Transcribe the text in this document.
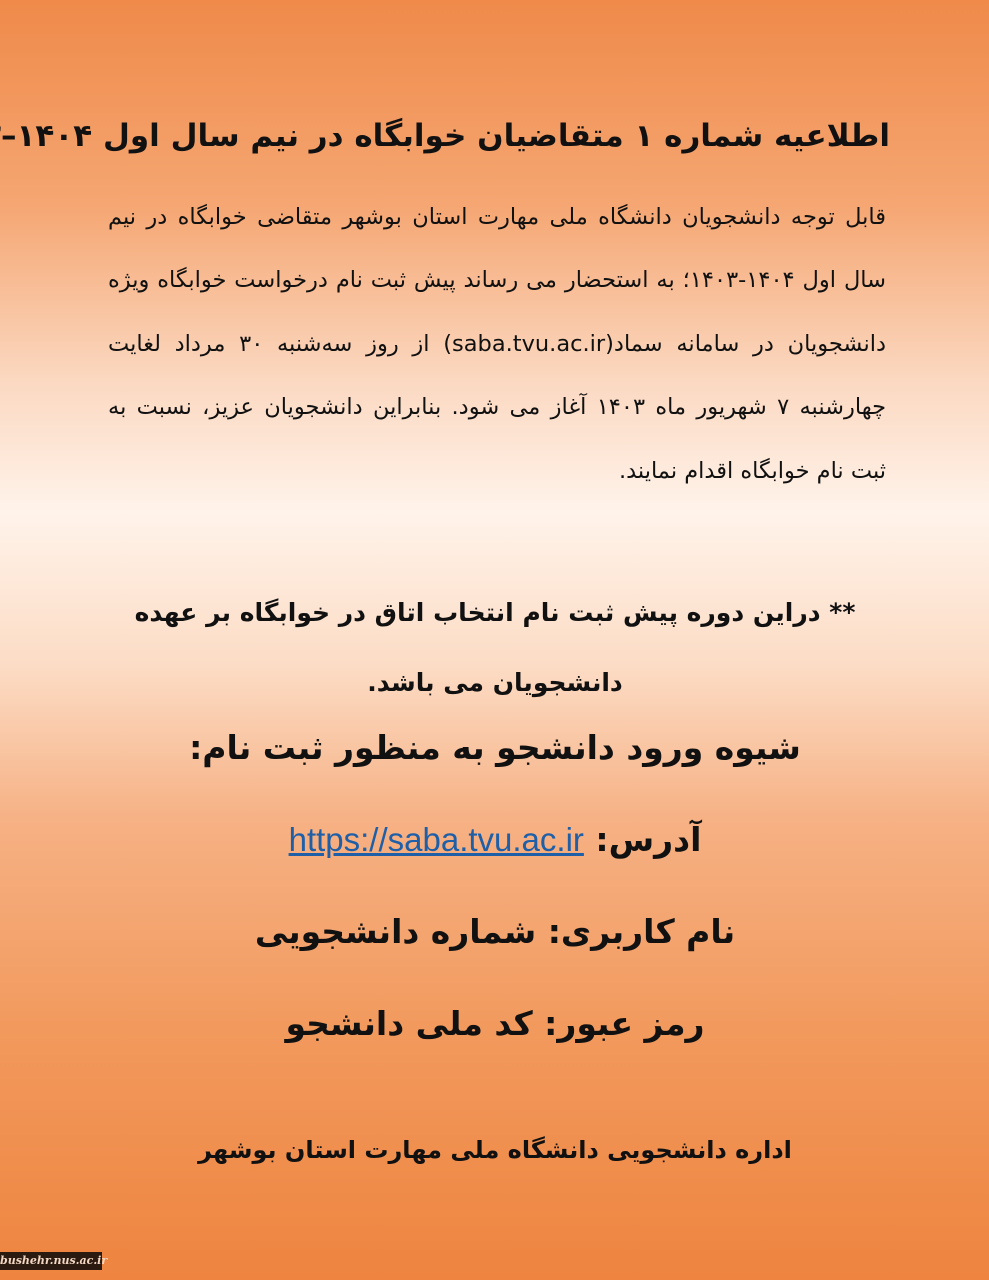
اطلاعیه شماره ۱ متقاضیان خوابگاه در نیم سال اول ۱۴۰۴–
قابل توجه دانشجویان دانشگاه ملی مهارت استان بوشهر متقاضی خوابگاه در نیم سال اول ۱۴۰۴-۱۴۰۳؛ به استحضار می رساند پیش ثبت نام درخواست خوابگاه ویژه دانشجویان در سامانه سماد(saba.tvu.ac.ir) از روز سه‌شنبه ۳۰ مرداد لغایت چهارشنبه ۷ شهریور ماه ۱۴۰۳ آغاز می شود. بنابراین دانشجویان عزیز، نسبت به ثبت نام خوابگاه اقدام نمایند.
** دراین دوره پیش ثبت نام انتخاب اتاق در خوابگاه بر عهده دانشجویان می باشد.
شیوه ورود دانشجو به منظور ثبت نام:
آدرس: https://saba.tvu.ac.ir
نام کاربری: شماره دانشجویی
رمز عبور: کد ملی دانشجو
اداره دانشجویی دانشگاه ملی مهارت استان بوشهر
bushehr.nus.ac.ir
